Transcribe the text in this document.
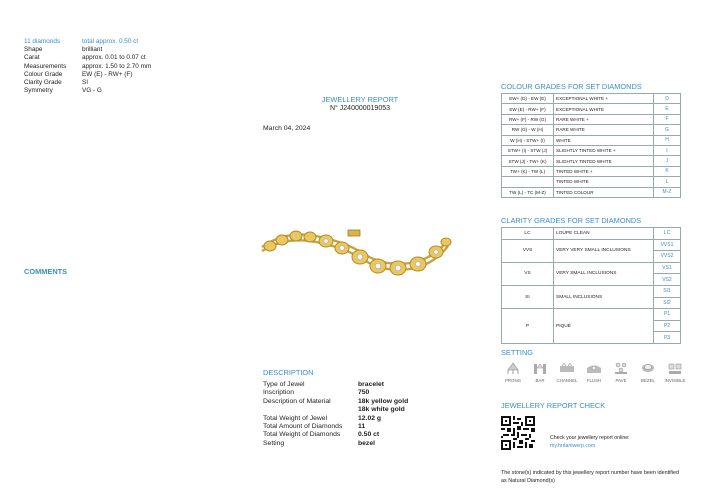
11 diamonds	total approx. 0.50 ct
Shape	brilliant
Carat	approx. 0.01 to 0.07 ct
Measurements	approx. 1.50 to 2.70 mm
Colour Grade	EW (E) - RW+ (F)
Clarity Grade	SI
Symmetry	VG - G
COMMENTS
JEWELLERY REPORT
N° J240000019053
March 04, 2024
DESCRIPTION
Type of Jewel	bracelet
Inscription	750
Description of Material	18k yellow gold
18k white gold
Total Weight of Jewel	12.02 g
Total Amount of Diamonds	11
Total Weight of Diamonds	0.50 ct
Setting	bezel
COLOUR GRADES FOR SET DIAMONDS
EW+ (D) - EW (E)	EXCEPTIONAL WHITE +	D
EW (E) - RW+ (F)	EXCEPTIONAL WHITE	E
RW+ (F) - RW (G)	RARE WHITE +	F
RW (G) - W (H)	RARE WHITE	G
W (H) - STW+ (I)	WHITE	H
STW+ (I) - STW (J)	SLIGHTLY TINTED WHITE +	I
STW (J) - TW+ (K)	SLIGHTLY TINTED WHITE	J
TW+ (K) - TW (L)	TINTED WHITE +	K
	TINTED WHITE	L
TW (L) - TC (M-Z)	TINTED COLOUR	M-Z
CLARITY GRADES FOR SET DIAMONDS
LC	LOUPE CLEAN	LC
VVS	VERY VERY SMALL INCLUSIONS	VVS1
		VVS2
VS	VERY SMALL INCLUSIONS	VS1
		VS2
SI	SMALL INCLUSIONS	SI1
		SI2
P	PIQUÉ	P1
		P2
		P3
SETTING
PRONG	BAR	CHANNEL	FLUSH	PAVÉ	BEZEL	INVISIBLE
JEWELLERY REPORT CHECK
Check your jewellery report online:
my.hrdantwerp.com
The stone(s) indicated by this jewellery report number have been identified as Natural Diamond(s)
